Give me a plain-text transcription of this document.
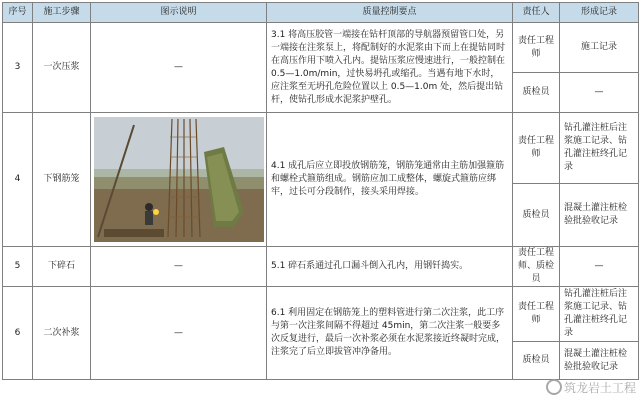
序号	施工步骤	图示说明	质量控制要点	责任人	形成记录
3	一次压浆	—	3.1 将高压胶管一端接在钻杆顶部的导航器预留管口处，另一端接在注浆泵上，将配制好的水泥浆由下而上在提钻同时在高压作用下喷入孔内。提钻压浆应慢速进行，一般控制在 0.5—1.0m/min，过快易坍孔或缩孔。当遇有地下水时，应注浆至无坍孔危险位置以上 0.5—1.0m 处，然后提出钻杆，使钻孔形成水泥浆护壁孔。	责任工程师	施工记录
				质检员	—
4	下钢筋笼		4.1 成孔后应立即投放钢筋笼，钢筋笼通常由主筋加强箍筋和螺栓式箍筋组成。钢筋应加工成整体，螺旋式箍筋应绑牢，过长可分段制作，接头采用焊接。	责任工程师	钻孔灌注桩后注浆施工记录、钻孔灌注桩终孔记录
				质检员	混凝土灌注桩检验批验收记录
5	下碎石	—	5.1 碎石系通过孔口漏斗倒入孔内，用钢钎捣实。	责任工程师、质检员	—
6	二次补浆	—	6.1 利用固定在钢筋笼上的塑料管进行第二次注浆，此工序与第一次注浆间隔不得超过 45min，第二次注浆一般要多次反复进行，最后一次补浆必须在水泥浆接近终凝时完成，注浆完了后立即拔管冲净备用。	责任工程师	钻孔灌注桩后注浆施工记录、钻孔灌注桩终孔记录
				质检员	混凝土灌注桩检验批验收记录
筑龙岩土工程
